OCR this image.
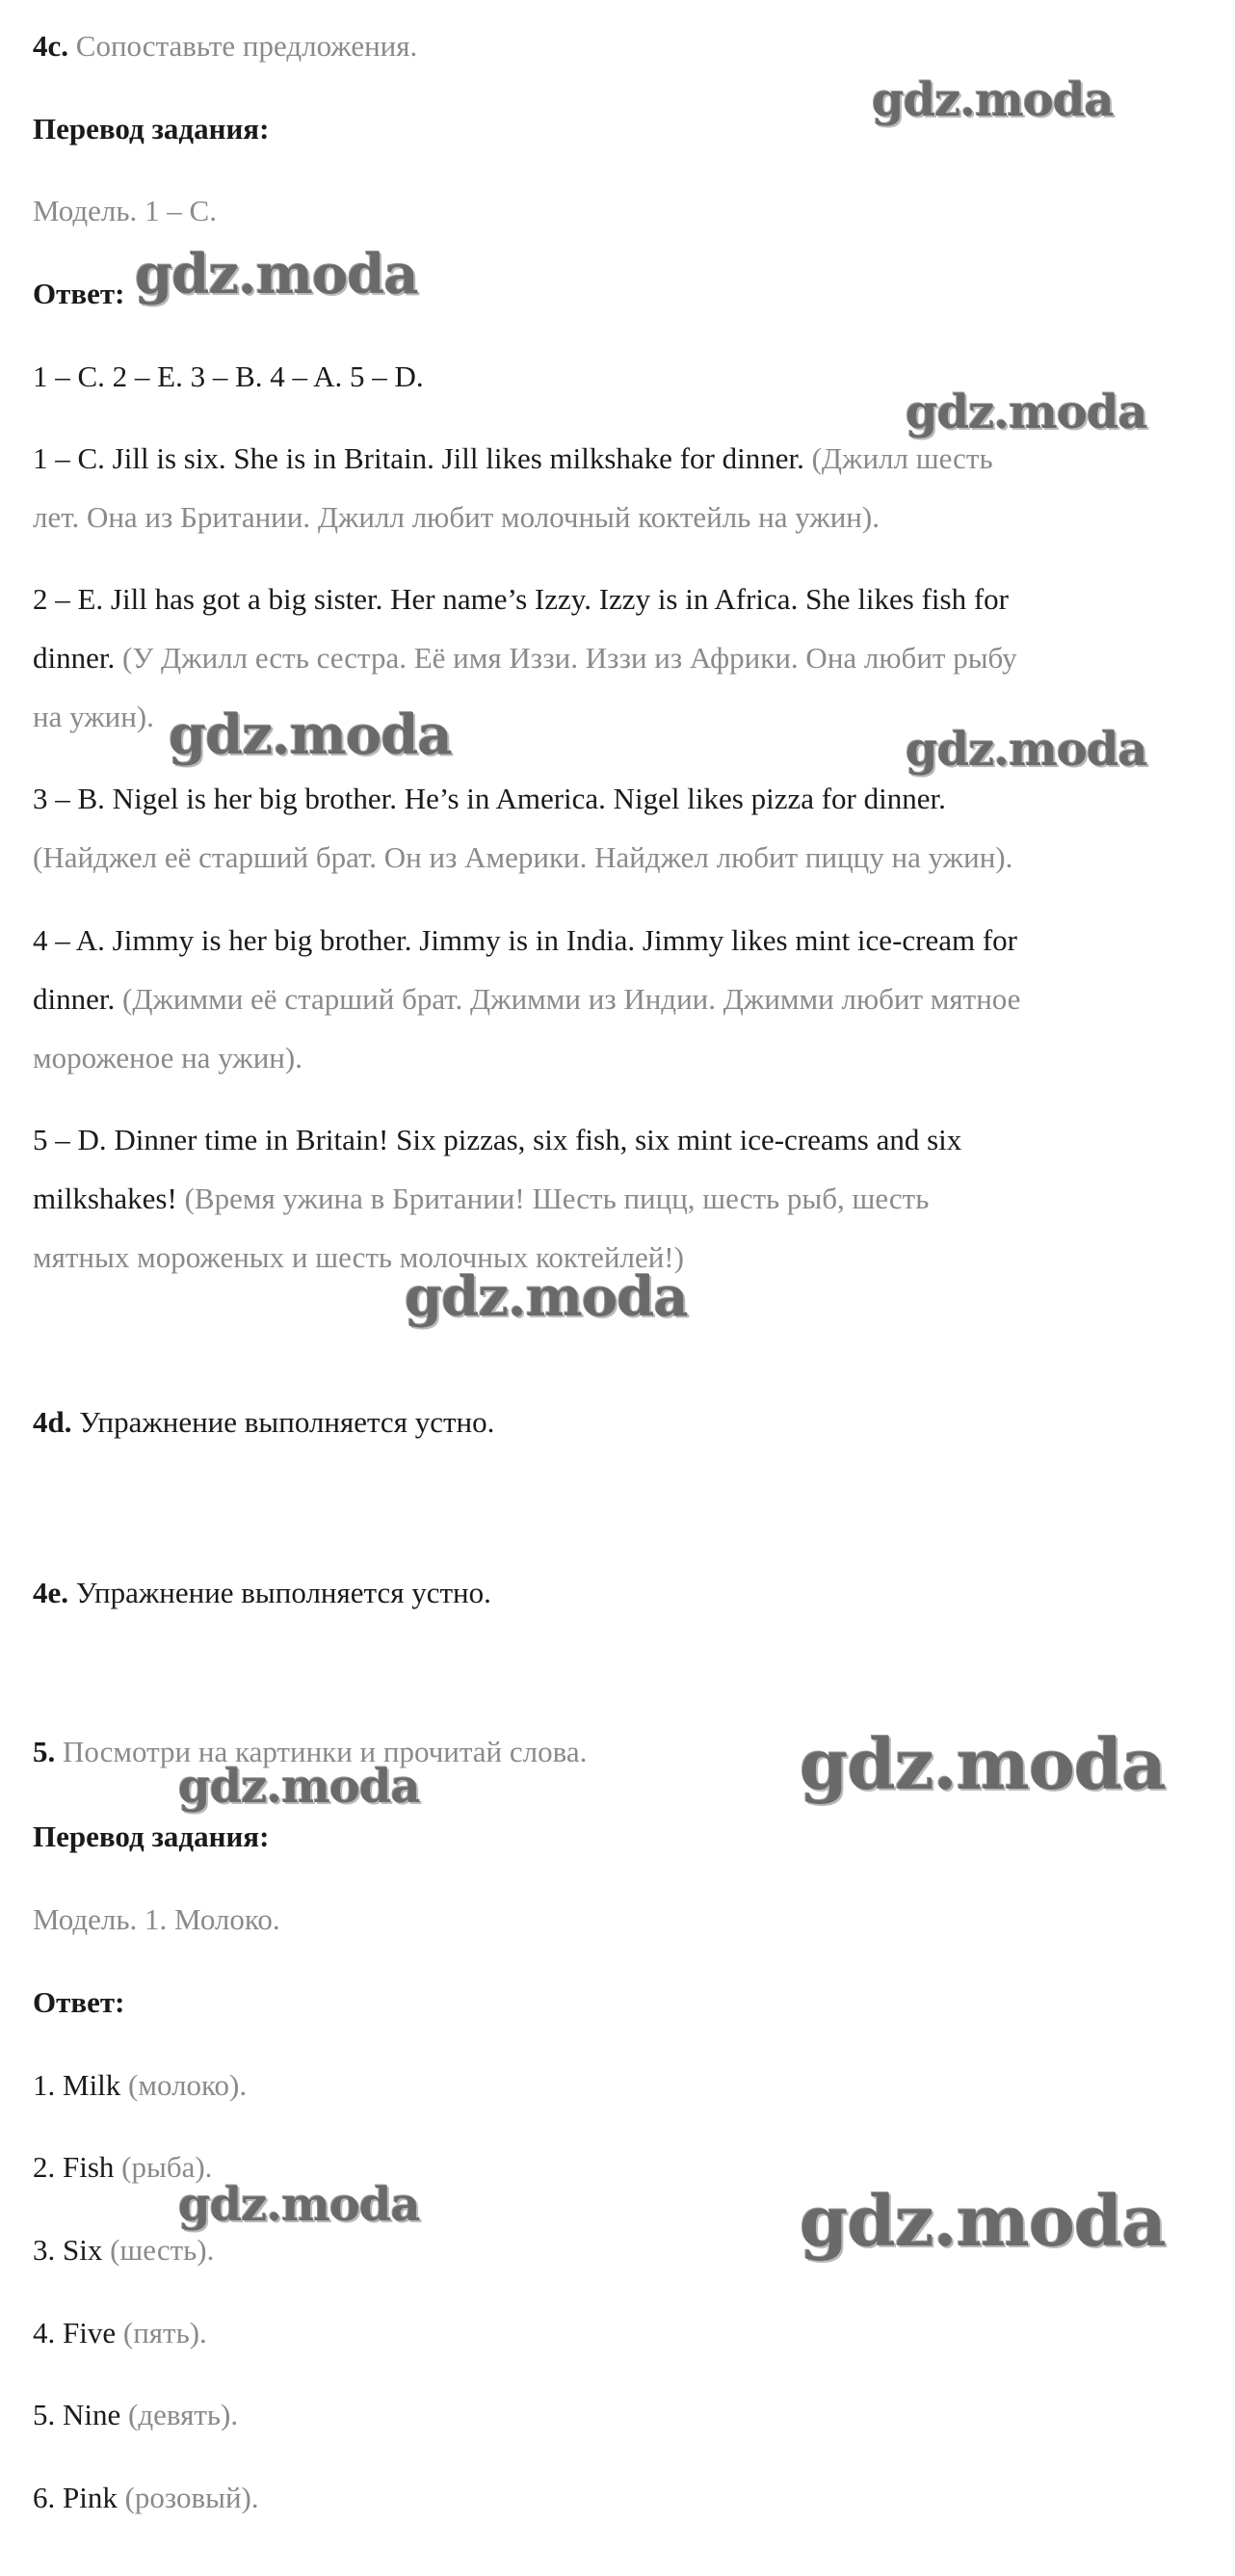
4c. Сопоставьте предложения.
Перевод задания:
Модель. 1 – C.
Ответ:
1 – C. 2 – E. 3 – B. 4 – A. 5 – D.
1 – C. Jill is six. She is in Britain. Jill likes milkshake for dinner. (Джилл шесть
лет. Она из Британии. Джилл любит молочный коктейль на ужин).
2 – E. Jill has got a big sister. Her name’s Izzy. Izzy is in Africa. She likes fish for
dinner. (У Джилл есть сестра. Её имя Иззи. Иззи из Африки. Она любит рыбу
на ужин).
3 – B. Nigel is her big brother. He’s in America. Nigel likes pizza for dinner.
(Найджел её старший брат. Он из Америки. Найджел любит пиццу на ужин).
4 – A. Jimmy is her big brother. Jimmy is in India. Jimmy likes mint ice-cream for
dinner. (Джимми её старший брат. Джимми из Индии. Джимми любит мятное
мороженое на ужин).
5 – D. Dinner time in Britain! Six pizzas, six fish, six mint ice-creams and six
milkshakes! (Время ужина в Британии! Шесть пицц, шесть рыб, шесть
мятных мороженых и шесть молочных коктейлей!)
4d. Упражнение выполняется устно.
4e. Упражнение выполняется устно.
5. Посмотри на картинки и прочитай слова.
Перевод задания:
Модель. 1. Молоко.
Ответ:
1. Milk (молоко).
2. Fish (рыба).
3. Six (шесть).
4. Five (пять).
5. Nine (девять).
6. Pink (розовый).
gdz.moda
gdz.moda
gdz.moda
gdz.moda	gdz.moda
gdz.moda
gdz.moda
gdz.moda
gdz.moda	gdz.moda
